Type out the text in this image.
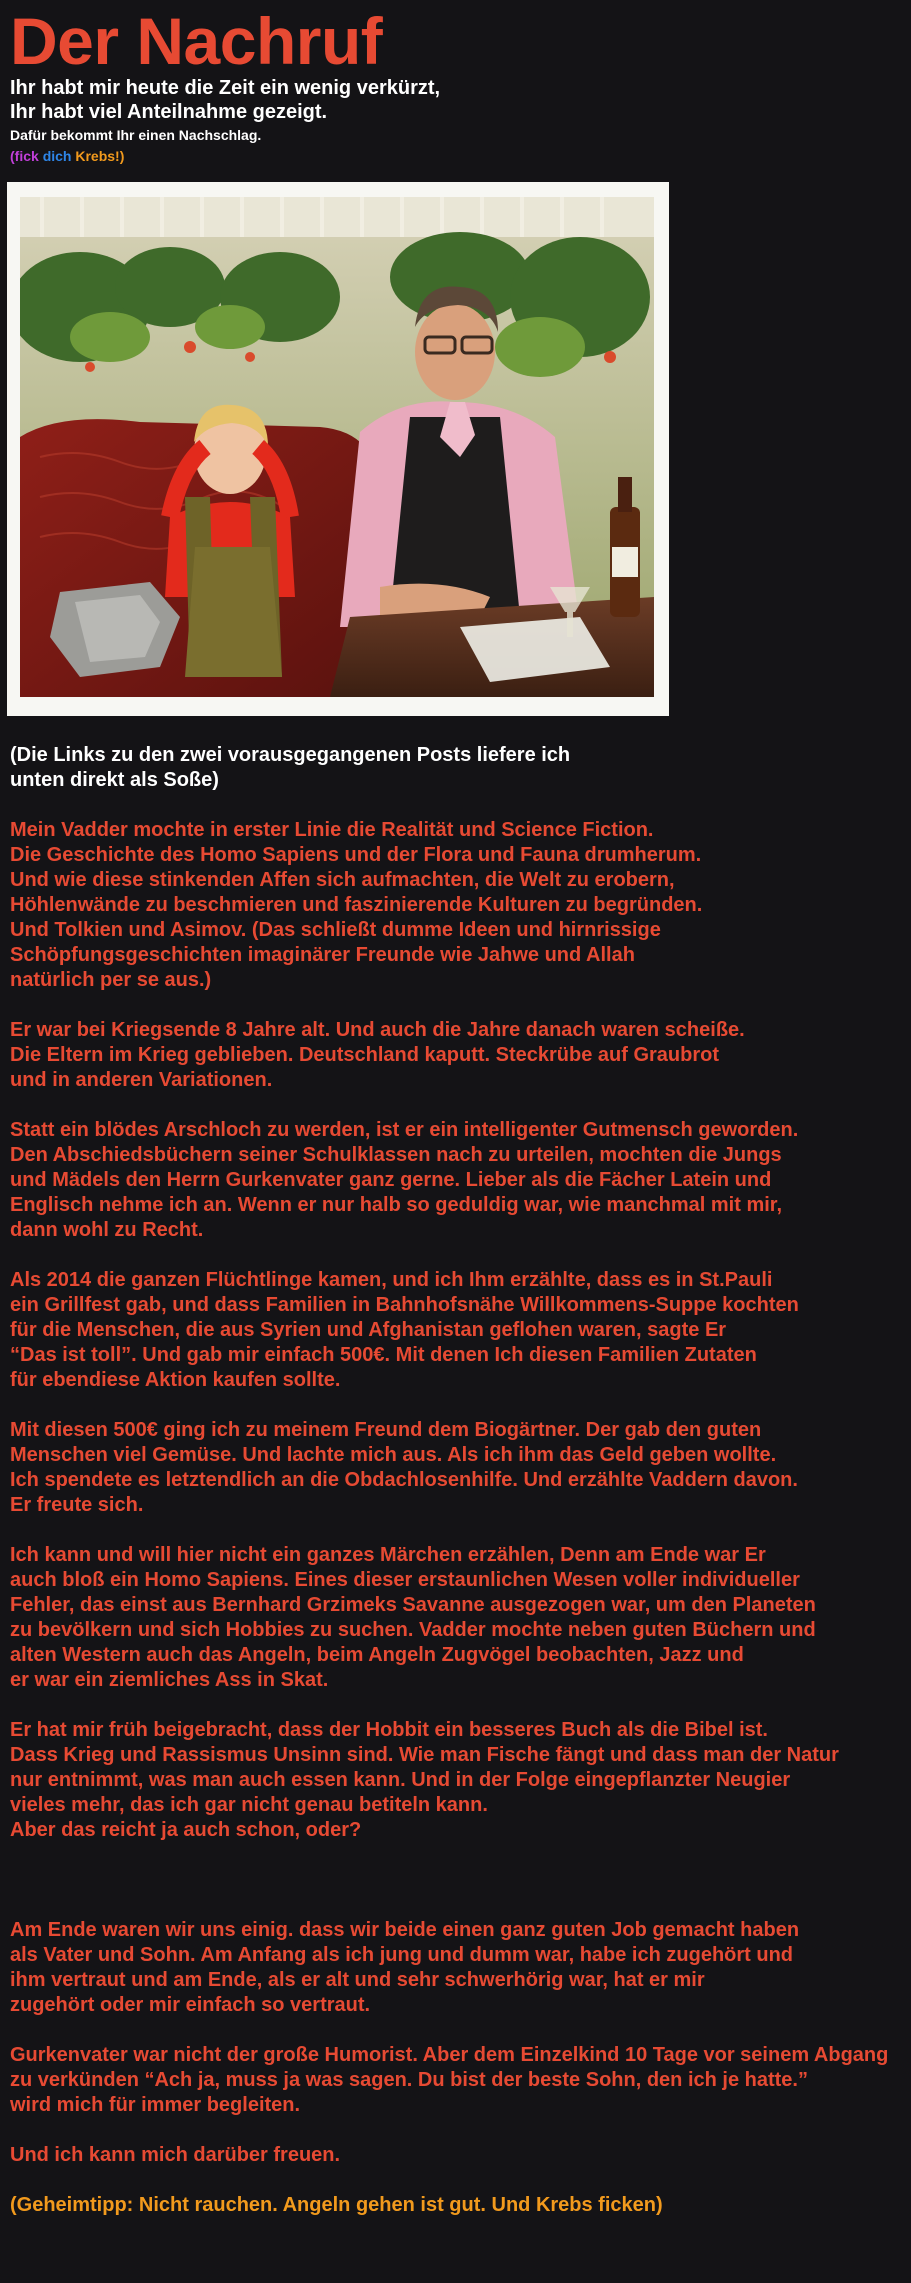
Der Nachruf

Ihr habt mir heute die Zeit ein wenig verkürzt,

Ihr habt viel Anteilnahme gezeigt.

Dafür bekommt Ihr einen Nachschlag.

(fick dich Krebs!)

(Die Links zu den zwei vorausgegangenen Posts liefere ich
unten direkt als Soße)
Mein Vadder mochte in erster Linie die Realität und Science Fiction.
Die Geschichte des Homo Sapiens und der Flora und Fauna drumherum.
Und wie diese stinkenden Affen sich aufmachten, die Welt zu erobern,
Höhlenwände zu beschmieren und faszinierende Kulturen zu begründen.
Und Tolkien und Asimov. (Das schließt dumme Ideen und hirnrissige
Schöpfungsgeschichten imaginärer Freunde wie Jahwe und Allah
natürlich per se aus.)
Er war bei Kriegsende 8 Jahre alt. Und auch die Jahre danach waren scheiße.
Die Eltern im Krieg geblieben. Deutschland kaputt. Steckrübe auf Graubrot
und in anderen Variationen.
Statt ein blödes Arschloch zu werden, ist er ein intelligenter Gutmensch geworden.
Den Abschiedsbüchern seiner Schulklassen nach zu urteilen, mochten die Jungs
und Mädels den Herrn Gurkenvater ganz gerne. Lieber als die Fächer Latein und
Englisch nehme ich an. Wenn er nur halb so geduldig war, wie manchmal mit mir,
dann wohl zu Recht.
Als 2014 die ganzen Flüchtlinge kamen, und ich Ihm erzählte, dass es in St.Pauli
ein Grillfest gab, und dass Familien in Bahnhofsnähe Willkommens-Suppe kochten
für die Menschen, die aus Syrien und Afghanistan geflohen waren, sagte Er
“Das ist toll”. Und gab mir einfach 500€. Mit denen Ich diesen Familien Zutaten
für ebendiese Aktion kaufen sollte.
Mit diesen 500€ ging ich zu meinem Freund dem Biogärtner. Der gab den guten
Menschen viel Gemüse. Und lachte mich aus. Als ich ihm das Geld geben wollte.
Ich spendete es letztendlich an die Obdachlosenhilfe. Und erzählte Vaddern davon.
Er freute sich.
Ich kann und will hier nicht ein ganzes Märchen erzählen, Denn am Ende war Er
auch bloß ein Homo Sapiens. Eines dieser erstaunlichen Wesen voller individueller
Fehler, das einst aus Bernhard Grzimeks Savanne ausgezogen war, um den Planeten
zu bevölkern und sich Hobbies zu suchen. Vadder mochte neben guten Büchern und
alten Western auch das Angeln, beim Angeln Zugvögel beobachten, Jazz und
er war ein ziemliches Ass in Skat.
Er hat mir früh beigebracht, dass der Hobbit ein besseres Buch als die Bibel ist.
Dass Krieg und Rassismus Unsinn sind. Wie man Fische fängt und dass man der Natur
nur entnimmt, was man auch essen kann. Und in der Folge eingepflanzter Neugier
vieles mehr, das ich gar nicht genau betiteln kann.
Aber das reicht ja auch schon, oder?
Am Ende waren wir uns einig. dass wir beide einen ganz guten Job gemacht haben
als Vater und Sohn. Am Anfang als ich jung und dumm war, habe ich zugehört und
ihm vertraut und am Ende, als er alt und sehr schwerhörig war, hat er mir
zugehört oder mir einfach so vertraut.
Gurkenvater war nicht der große Humorist. Aber dem Einzelkind 10 Tage vor seinem Abgang
zu verkünden “Ach ja, muss ja was sagen. Du bist der beste Sohn, den ich je hatte.”
wird mich für immer begleiten.
Und ich kann mich darüber freuen.
(Geheimtipp: Nicht rauchen. Angeln gehen ist gut. Und Krebs ficken)
